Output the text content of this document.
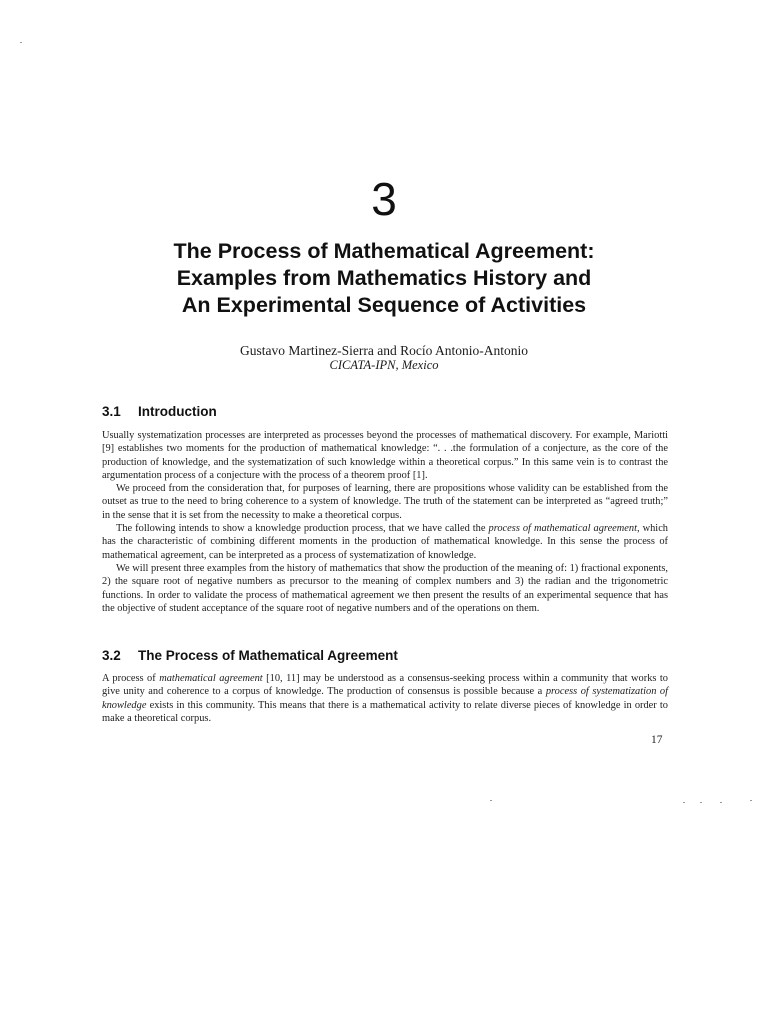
3
The Process of Mathematical Agreement:
Examples from Mathematics History and
An Experimental Sequence of Activities
Gustavo Martinez-Sierra and Rocío Antonio-Antonio
CICATA-IPN, Mexico
3.1 Introduction

Usually systematization processes are interpreted as processes beyond the processes of mathematical discovery. For example, Mariotti [9] establishes two moments for the production of mathematical knowledge: “. . .the formulation of a conjecture, as the core of the production of knowledge, and the systematization of such knowledge within a theoretical corpus.” In this same vein is to contrast the argumentation process of a conjecture with the process of a theorem proof [1].

We proceed from the consideration that, for purposes of learning, there are propositions whose validity can be established from the outset as true to the need to bring coherence to a system of knowledge. The truth of the statement can be interpreted as “agreed truth;” in the sense that it is set from the necessity to make a theoretical corpus.

The following intends to show a knowledge production process, that we have called the process of mathematical agreement, which has the characteristic of combining different moments in the production of mathematical knowledge. In this sense the process of mathematical agreement, can be interpreted as a process of systematization of knowledge.

We will present three examples from the history of mathematics that show the production of the meaning of: 1) fractional exponents, 2) the square root of negative numbers as precursor to the meaning of complex numbers and 3) the radian and the trigonometric functions. In order to validate the process of mathematical agreement we then present the results of an experimental sequence that has the objective of student acceptance of the square root of negative numbers and of the operations on them.

3.2 The Process of Mathematical Agreement

A process of mathematical agreement [10, 11] may be understood as a consensus-seeking process within a community that works to give unity and coherence to a corpus of knowledge. The production of consensus is possible because a process of systematization of knowledge exists in this community. This means that there is a mathematical activity to relate diverse pieces of knowledge in order to make a theoretical corpus.

17
